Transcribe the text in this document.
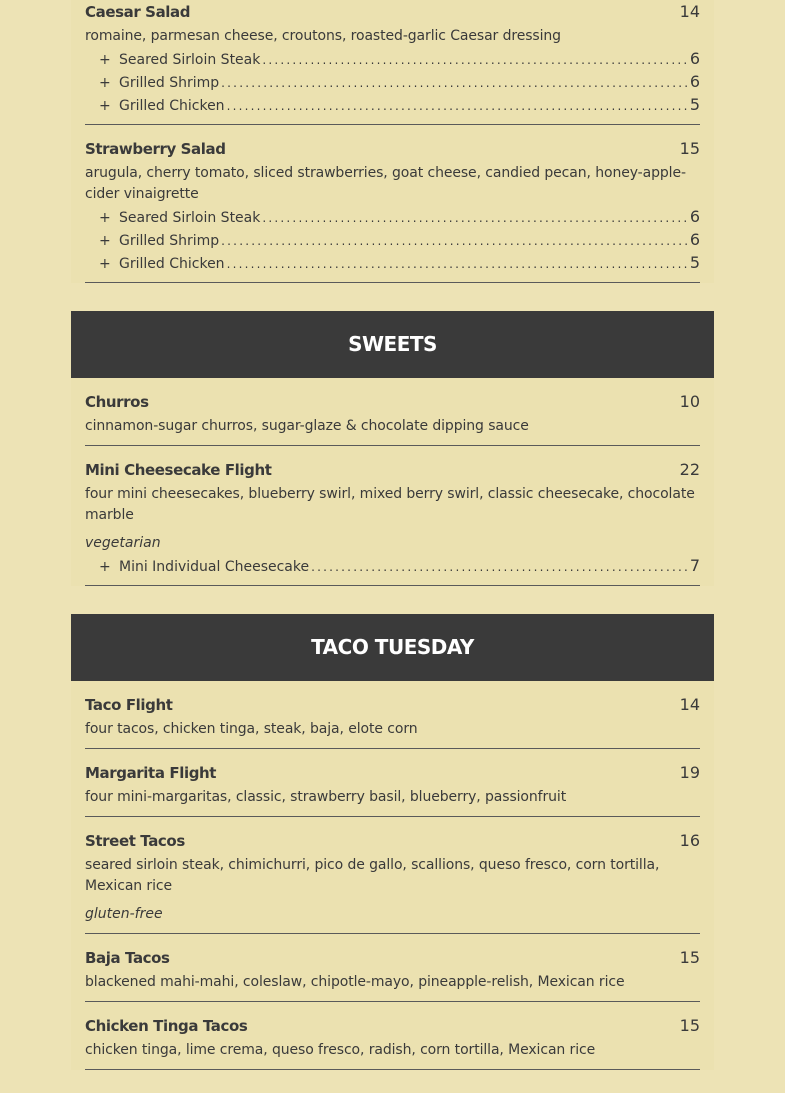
Caesar Salad	14
romaine, parmesan cheese, croutons, roasted-garlic Caesar dressing
+ Seared Sirloin Steak .....	6
+ Grilled Shrimp .....	6
+ Grilled Chicken .....	5
Strawberry Salad	15
arugula, cherry tomato, sliced strawberries, goat cheese, candied pecan, honey-apple-cider vinaigrette
+ Seared Sirloin Steak .....	6
+ Grilled Shrimp .....	6
+ Grilled Chicken .....	5
SWEETS
Churros	10
cinnamon-sugar churros, sugar-glaze & chocolate dipping sauce
Mini Cheesecake Flight	22
four mini cheesecakes, blueberry swirl, mixed berry swirl, classic cheesecake, chocolate marble
vegetarian
+ Mini Individual Cheesecake .....	7
TACO TUESDAY
Taco Flight	14
four tacos, chicken tinga, steak, baja, elote corn
Margarita Flight	19
four mini-margaritas, classic, strawberry basil, blueberry, passionfruit
Street Tacos	16
seared sirloin steak, chimichurri, pico de gallo, scallions, queso fresco, corn tortilla, Mexican rice
gluten-free
Baja Tacos	15
blackened mahi-mahi, coleslaw, chipotle-mayo, pineapple-relish, Mexican rice
Chicken Tinga Tacos	15
chicken tinga, lime crema, queso fresco, radish, corn tortilla, Mexican rice
